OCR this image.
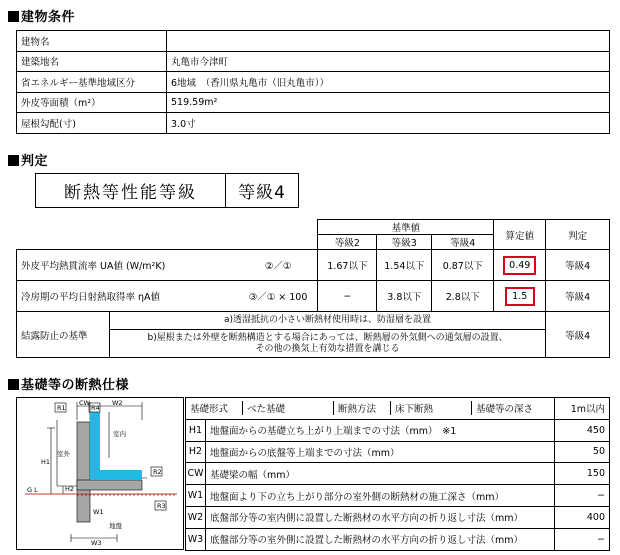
建物条件
建物名	
建築地名	丸亀市今津町
省エネルギー基準地域区分	6地域　（香川県丸亀市（旧丸亀市））
外皮等面積（m²）	519.59m²
屋根勾配(寸)	3.0寸
判定
断熱等性能等級	等級4
		基準値			算定値	判定
		等級2	等級3	等級4		
外皮平均熱貫流率 UA値 (W/m²K) ②／①		1.67以下	1.54以下	0.87以下	0.49	等級4
冷房期の平均日射熱取得率 ηA値 ③／① × 100		−	3.8以下	2.8以下	1.5	等級4
結露防止の基準	a)透湿抵抗の小さい断熱材使用時は、防湿層を設置					等級4

	b)屋根または外壁を断熱構造とする場合にあっては、断熱層の外気側への通気層の設置、
その他の換気上有効な措置を講じる					
基礎等の断熱仕様
CW	W2
R1	R4
H1
H2
G L
室外
室内
R2
R3
W1
地盤
W3
基礎形式 べた基礎 断熱方法 床下断熱 基礎等の深さ		1m以内
H1	地盤面からの基礎立ち上がり上端までの寸法（mm）　※1	450
H2	地盤面からの底盤等上端までの寸法（mm）	50
CW	基礎梁の幅（mm）	150
W1	地盤面より下の立ち上がり部分の室外側の断熱材の施工深さ（mm）	−
W2	底盤部分等の室内側に設置した断熱材の水平方向の折り返し寸法（mm）	400
W3	底盤部分等の室外側に設置した断熱材の水平方向の折り返し寸法（mm）	−
